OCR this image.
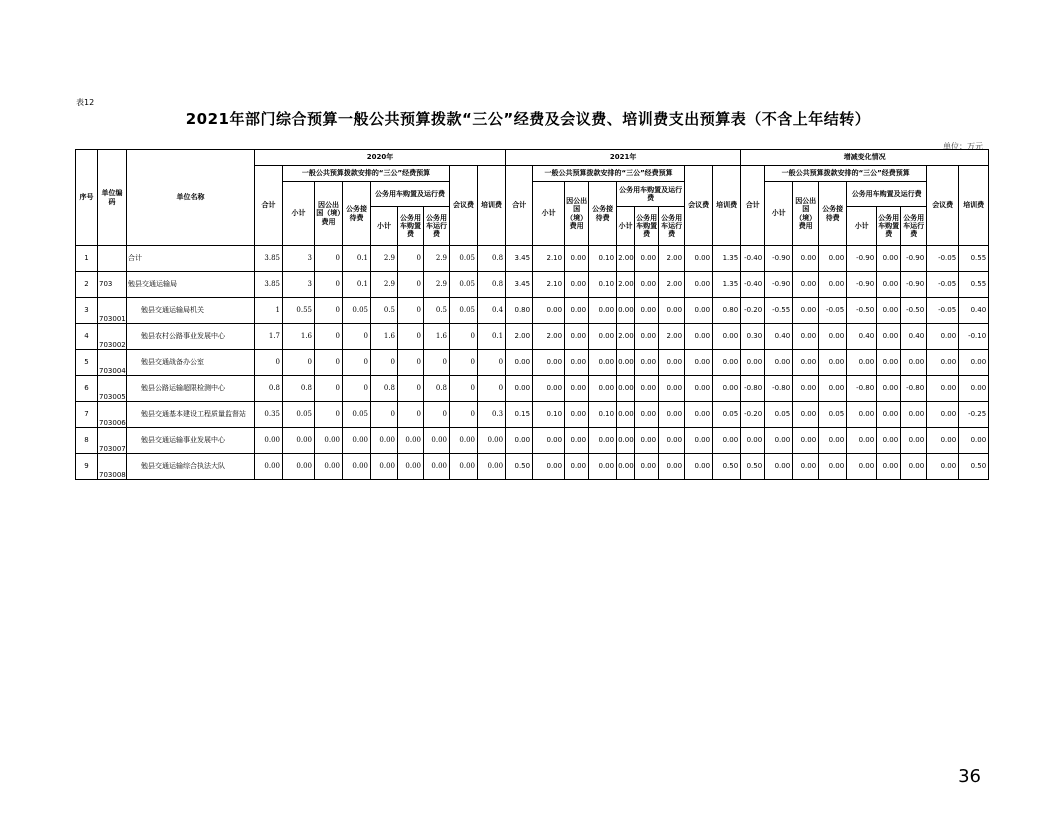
表12
2021年部门综合预算一般公共预算拨款“三公”经费及会议费、培训费支出预算表（不含上年结转）
单位：万元
序号	单位编码	单位名称	2020年									2021年									增减变化情况								
			合计	一般公共预算拨款安排的“三公”经费预算						会议费	培训费	合计	一般公共预算拨款安排的“三公”经费预算						会议费	培训费	合计	一般公共预算拨款安排的“三公”经费预算						会议费	培训费
				小计	因公出国（境）费用	公务接待费	公务用车购置及运行费						小计	因公出国（境）费用	公务接待费	公务用车购置及运行费						小计	因公出国（境）费用	公务接待费	公务用车购置及运行费				
							小计	公务用车购置费	公务用车运行费							小计	公务用车购置费	公务用车运行费							小计	公务用车购置费	公务用车运行费		
1		合计	3.85	3	0	0.1	2.9	0	2.9	0.05	0.8	3.45	2.10	0.00	0.10	2.00	0.00	2.00	0.00	1.35	-0.40	-0.90	0.00	0.00	-0.90	0.00	-0.90	-0.05	0.55
2	703	勉县交通运输局	3.85	3	0	0.1	2.9	0	2.9	0.05	0.8	3.45	2.10	0.00	0.10	2.00	0.00	2.00	0.00	1.35	-0.40	-0.90	0.00	0.00	-0.90	0.00	-0.90	-0.05	0.55
3	703001	勉县交通运输局机关	1	0.55	0	0.05	0.5	0	0.5	0.05	0.4	0.80	0.00	0.00	0.00	0.00	0.00	0.00	0.00	0.80	-0.20	-0.55	0.00	-0.05	-0.50	0.00	-0.50	-0.05	0.40
4	703002	勉县农村公路事业发展中心	1.7	1.6	0	0	1.6	0	1.6	0	0.1	2.00	2.00	0.00	0.00	2.00	0.00	2.00	0.00	0.00	0.30	0.40	0.00	0.00	0.40	0.00	0.40	0.00	-0.10
5	703004	勉县交通战备办公室	0	0	0	0	0	0	0	0	0	0.00	0.00	0.00	0.00	0.00	0.00	0.00	0.00	0.00	0.00	0.00	0.00	0.00	0.00	0.00	0.00	0.00	0.00
6	703005	勉县公路运输超限检测中心	0.8	0.8	0	0	0.8	0	0.8	0	0	0.00	0.00	0.00	0.00	0.00	0.00	0.00	0.00	0.00	-0.80	-0.80	0.00	0.00	-0.80	0.00	-0.80	0.00	0.00
7	703006	勉县交通基本建设工程质量监督站	0.35	0.05	0	0.05	0	0	0	0	0.3	0.15	0.10	0.00	0.10	0.00	0.00	0.00	0.00	0.05	-0.20	0.05	0.00	0.05	0.00	0.00	0.00	0.00	-0.25
8	703007	勉县交通运输事业发展中心	0.00	0.00	0.00	0.00	0.00	0.00	0.00	0.00	0.00	0.00	0.00	0.00	0.00	0.00	0.00	0.00	0.00	0.00	0.00	0.00	0.00	0.00	0.00	0.00	0.00	0.00	0.00
9	703008	勉县交通运输综合执法大队	0.00	0.00	0.00	0.00	0.00	0.00	0.00	0.00	0.00	0.50	0.00	0.00	0.00	0.00	0.00	0.00	0.00	0.50	0.50	0.00	0.00	0.00	0.00	0.00	0.00	0.00	0.50
36
